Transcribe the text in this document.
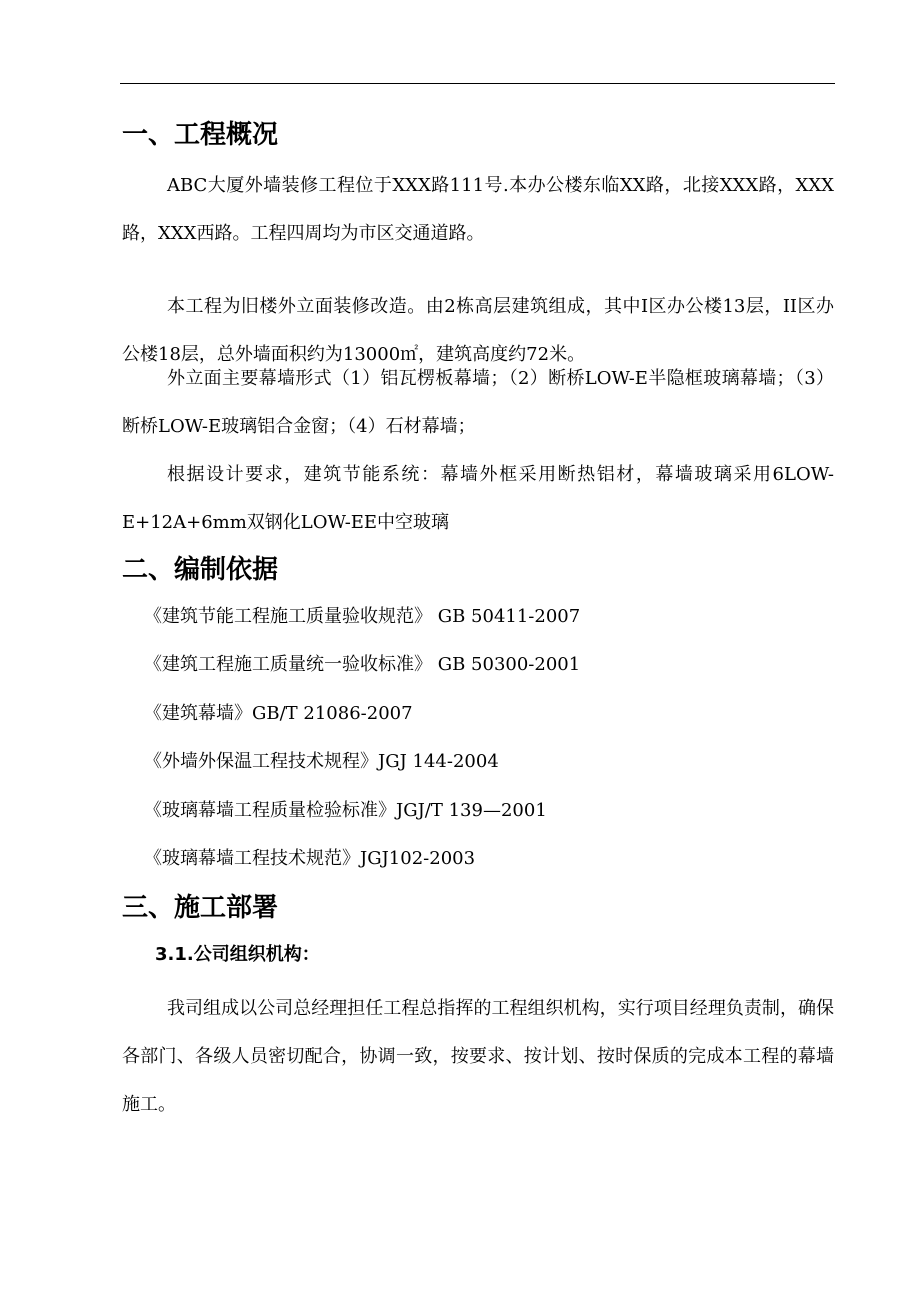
一、工程概况

ABC大厦外墙装修工程位于XXX路111号.本办公楼东临XX路，北接XXX路，XXX路，XXX西路。工程四周均为市区交通道路。

本工程为旧楼外立面装修改造。由2栋高层建筑组成，其中I区办公楼13层，II区办公楼18层，总外墙面积约为13000㎡，建筑高度约72米。

外立面主要幕墙形式（1）铝瓦楞板幕墙；（2）断桥LOW-E半隐框玻璃幕墙；（3）断桥LOW-E玻璃铝合金窗；（4）石材幕墙；

根据设计要求，建筑节能系统：幕墙外框采用断热铝材，幕墙玻璃采用6LOW-E+12A+6mm双钢化LOW-EE中空玻璃

二、编制依据
《建筑节能工程施工质量验收规范》 GB 50411-2007
《建筑工程施工质量统一验收标准》 GB 50300-2001
《建筑幕墙》GB/T 21086-2007
《外墙外保温工程技术规程》JGJ 144-2004
《玻璃幕墙工程质量检验标准》JGJ/T 139—2001
《玻璃幕墙工程技术规范》JGJ102-2003
三、施工部署
3.1.公司组织机构：

我司组成以公司总经理担任工程总指挥的工程组织机构，实行项目经理负责制，确保各部门、各级人员密切配合，协调一致，按要求、按计划、按时保质的完成本工程的幕墙施工。
